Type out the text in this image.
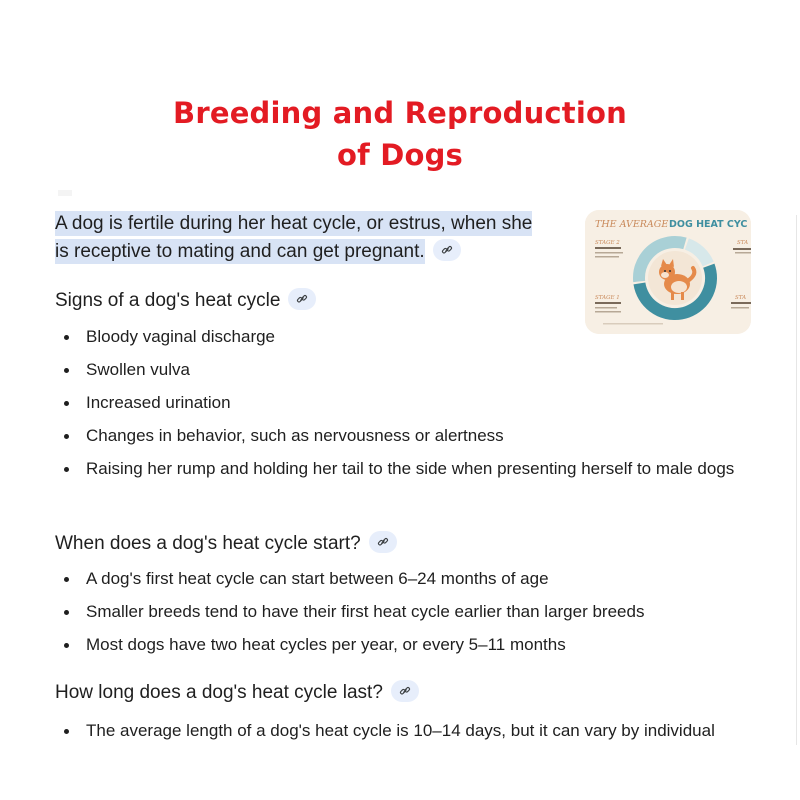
Breeding and Reproduction
of Dogs
A dog is fertile during her heat cycle, or estrus, when she
is receptive to mating and can get pregnant.
THE AVERAGE DOG HEAT CYC
STAGE 2
STAGE 1
STA
STA
Signs of a dog's heat cycle
Bloody vaginal discharge
Swollen vulva
Increased urination
Changes in behavior, such as nervousness or alertness
Raising her rump and holding her tail to the side when presenting herself to male dogs
When does a dog's heat cycle start?
A dog's first heat cycle can start between 6–24 months of age
Smaller breeds tend to have their first heat cycle earlier than larger breeds
Most dogs have two heat cycles per year, or every 5–11 months
How long does a dog's heat cycle last?
The average length of a dog's heat cycle is 10–14 days, but it can vary by individual
